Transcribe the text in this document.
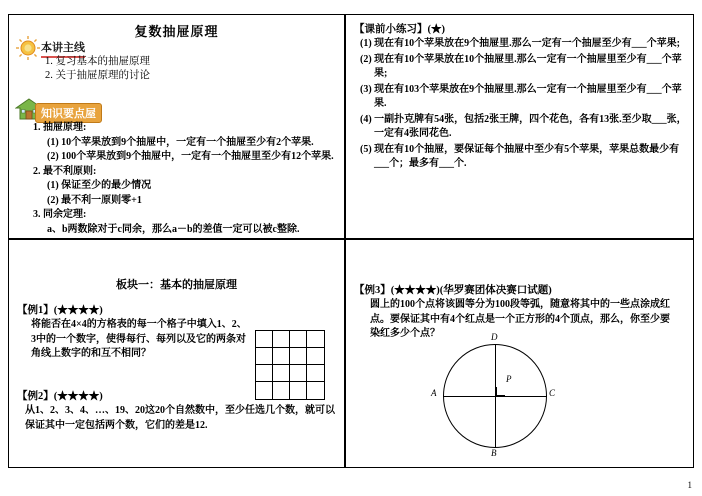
复数抽屉原理
本讲主线
1. 复习基本的抽屉原理
2. 关于抽屉原理的讨论
知识要点屋
1. 抽屉原理:
(1) 10个苹果放到9个抽屉中，一定有一个抽屉至少有2个苹果.
(2) 100个苹果放到9个抽屉中，一定有一个抽屉里至少有12个苹果.
2. 最不利原则:
(1) 保证至少的最少情况
(2) 最不利一原则零+1
3. 同余定理:
a、b两数除对于c同余，那么a－b的差值一定可以被c整除.
【课前小练习】(★)
(1) 现在有10个苹果放在9个抽屉里.那么一定有一个抽屉至少有___个苹果;
(2) 现在有10个苹果放在10个抽屉里.那么一定有一个抽屉里至少有___个苹果;
(3) 现在有103个苹果放在9个抽屉里.那么一定有一个抽屉里至少有___个苹果.
(4) 一副扑克牌有54张，包括2张王牌，四个花色，各有13张.至少取___张，一定有4张同花色.
(5) 现在有10个抽屉，要保证每个抽屉中至少有5个苹果，苹果总数最少有___个；最多有___个.
板块一：基本的抽屉原理
【例1】(★★★★)
将能否在4×4的方格表的每一个格子中填入1、2、3中的一个数字，使得每行、每列以及它的两条对角线上数字的和互不相同？
【例2】(★★★★)
从1、2、3、4、…、19、20这20个自然数中，至少任选几个数，就可以保证其中一定包括两个数，它们的差是12.
【例3】(★★★★)(华罗赛团体决赛口试题)
圆上的100个点将该圆等分为100段等弧，随意将其中的一些点涂成红点。要保证其中有4个红点是一个正方形的4个顶点，那么，你至少要染红多少个点？
A
B
C
D
P
1
